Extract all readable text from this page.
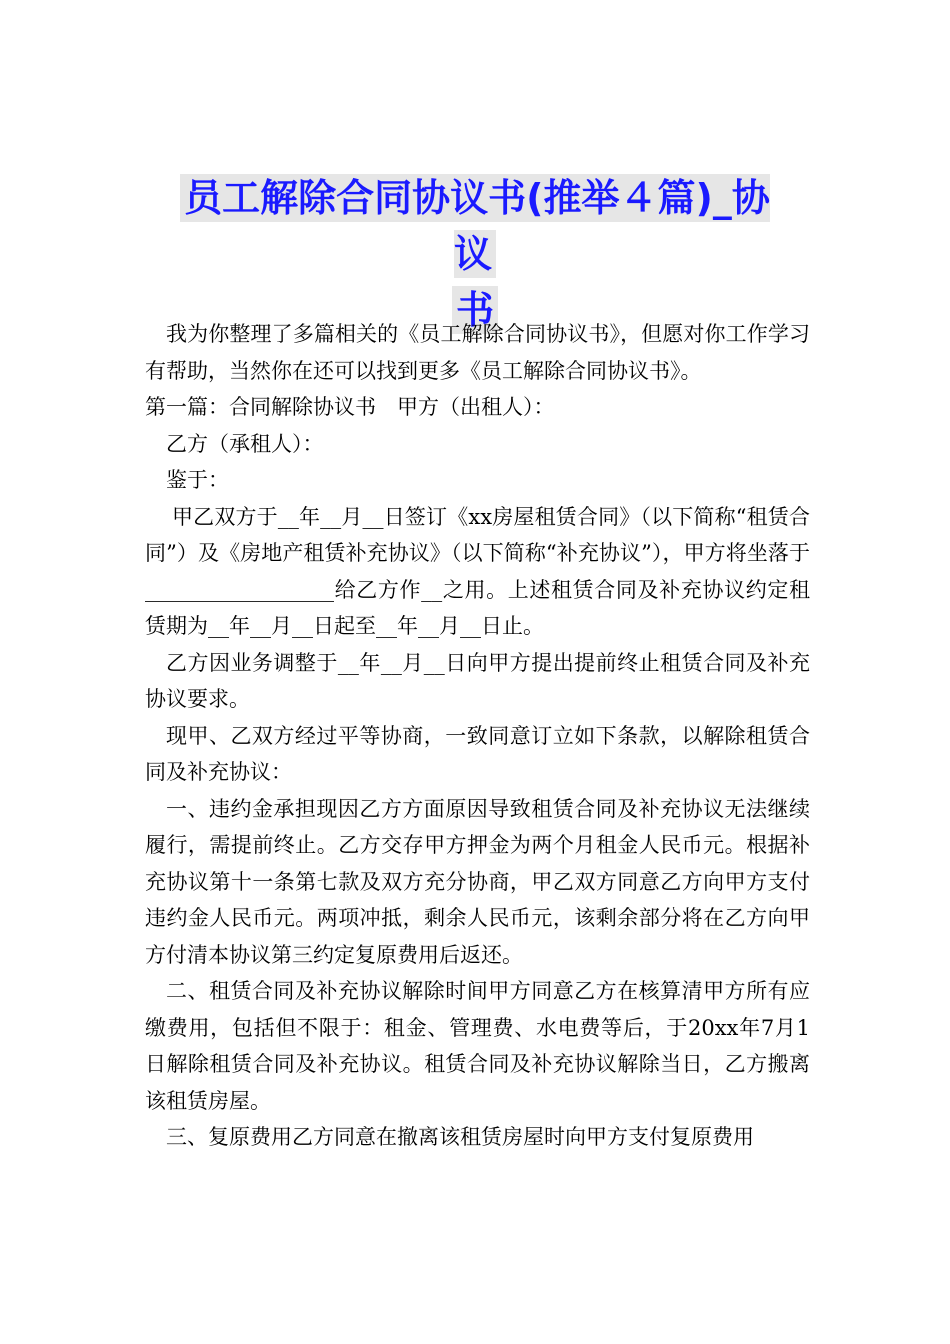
员工解除合同协议书(推举４篇)_协议
书

我为你整理了多篇相关的《员工解除合同协议书》，但愿对你工作学习有帮助，当然你在还可以找到更多《员工解除合同协议书》。

第一篇：合同解除协议书　甲方（出租人）：

乙方（承租人）：

鉴于：

甲乙双方于__年__月__日签订《xx房屋租赁合同》（以下简称“租赁合同”）及《房地产租赁补充协议》（以下简称“补充协议”），甲方将坐落于__________________给乙方作__之用。上述租赁合同及补充协议约定租赁期为__年__月__日起至__年__月__日止。

乙方因业务调整于__年__月__日向甲方提出提前终止租赁合同及补充协议要求。

现甲、乙双方经过平等协商，一致同意订立如下条款，以解除租赁合同及补充协议：

一、违约金承担现因乙方方面原因导致租赁合同及补充协议无法继续履行，需提前终止。乙方交存甲方押金为两个月租金人民币元。根据补充协议第十一条第七款及双方充分协商，甲乙双方同意乙方向甲方支付违约金人民币元。两项冲抵，剩余人民币元，该剩余部分将在乙方向甲方付清本协议第三约定复原费用后返还。

二、租赁合同及补充协议解除时间甲方同意乙方在核算清甲方所有应缴费用，包括但不限于：租金、管理费、水电费等后，于20xx年7月1日解除租赁合同及补充协议。租赁合同及补充协议解除当日，乙方搬离该租赁房屋。

三、复原费用乙方同意在撤离该租赁房屋时向甲方支付复原费用
